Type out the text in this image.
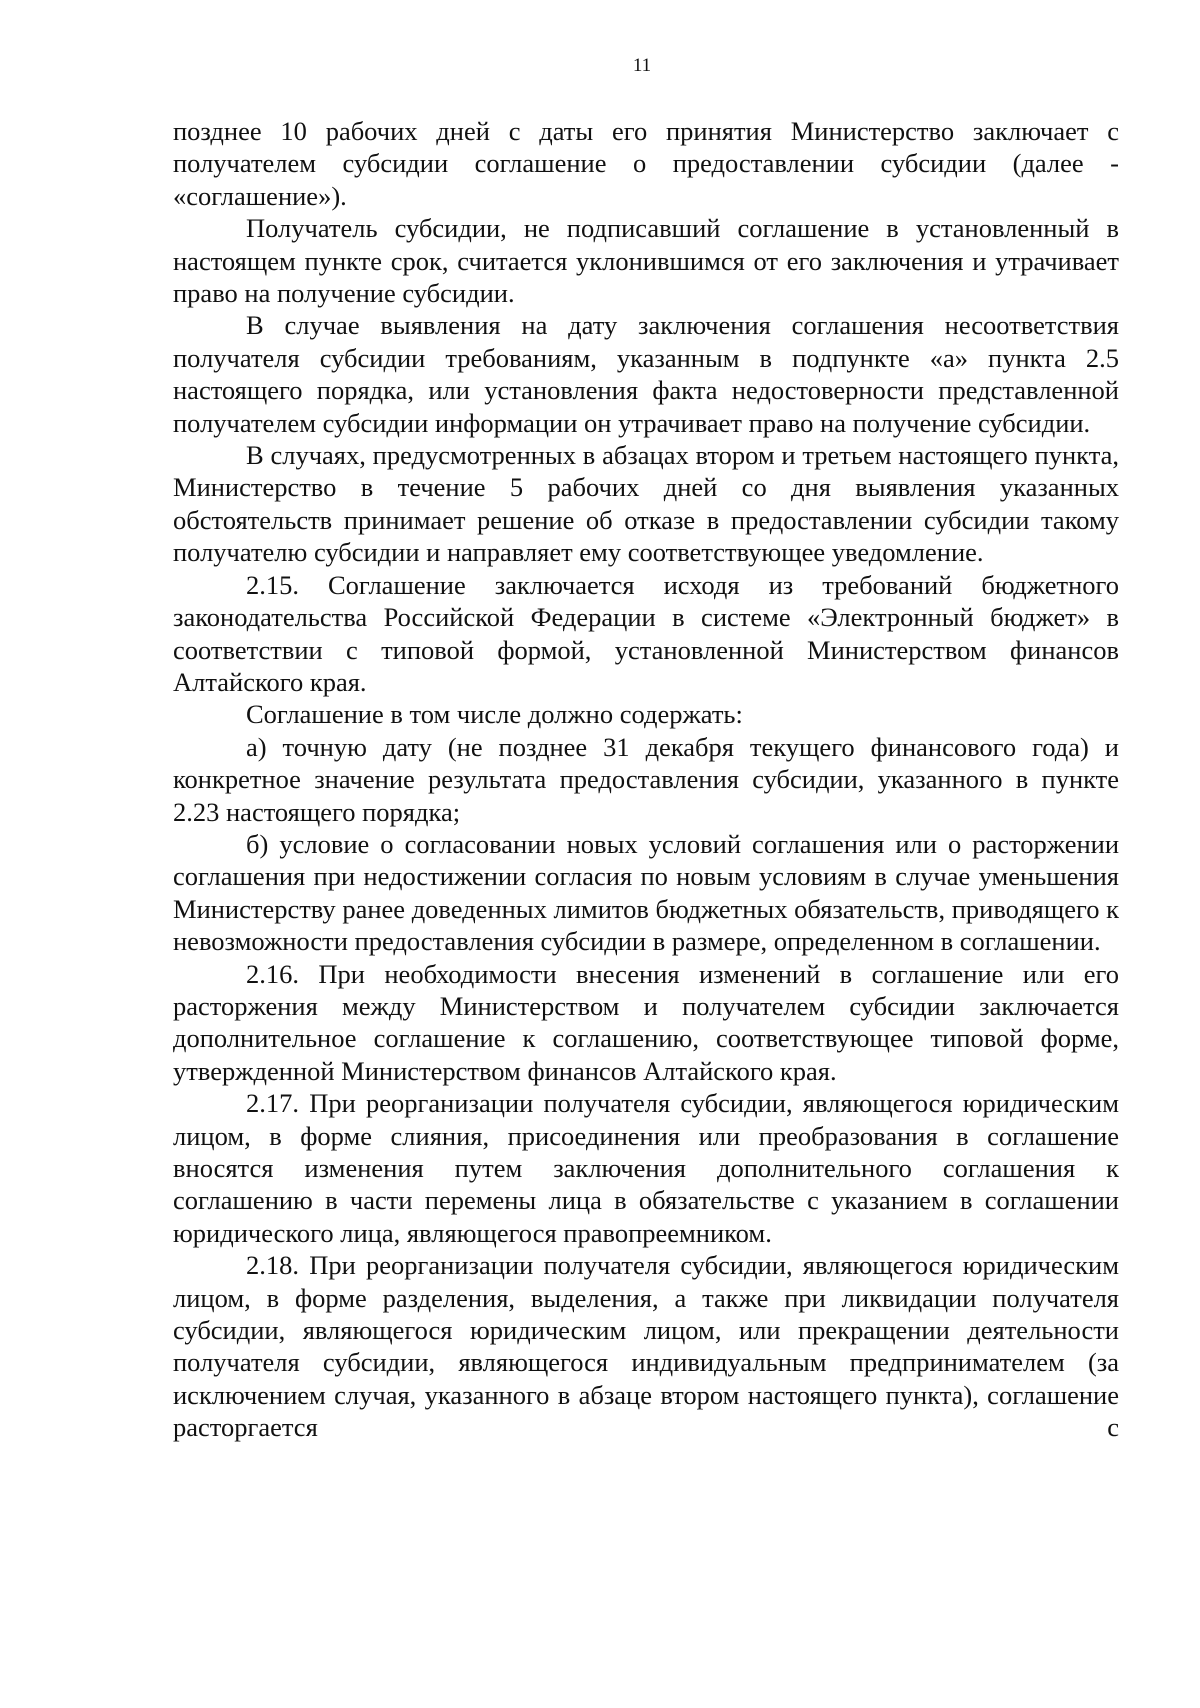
11

позднее 10 рабочих дней с даты его принятия Министерство заключает с получателем субсидии соглашение о предоставлении субсидии (далее - «соглашение»).

Получатель субсидии, не подписавший соглашение в установленный в настоящем пункте срок, считается уклонившимся от его заключения и утрачивает право на получение субсидии.

В случае выявления на дату заключения соглашения несоответствия получателя субсидии требованиям, указанным в подпункте «а» пункта 2.5 настоящего порядка, или установления факта недостоверности представленной получателем субсидии информации он утрачивает право на получение субсидии.

В случаях, предусмотренных в абзацах втором и третьем настоящего пункта, Министерство в течение 5 рабочих дней со дня выявления указанных обстоятельств принимает решение об отказе в предоставлении субсидии такому получателю субсидии и направляет ему соответствующее уведомление.

2.15. Соглашение заключается исходя из требований бюджетного законодательства Российской Федерации в системе «Электронный бюджет» в соответствии с типовой формой, установленной Министерством финансов Алтайского края.

Соглашение в том числе должно содержать:

а) точную дату (не позднее 31 декабря текущего финансового года) и конкретное значение результата предоставления субсидии, указанного в пункте 2.23 настоящего порядка;

б) условие о согласовании новых условий соглашения или о расторжении соглашения при недостижении согласия по новым условиям в случае уменьшения Министерству ранее доведенных лимитов бюджетных обязательств, приводящего к невозможности предоставления субсидии в размере, определенном в соглашении.

2.16. При необходимости внесения изменений в соглашение или его расторжения между Министерством и получателем субсидии заключается дополнительное соглашение к соглашению, соответствующее типовой форме, утвержденной Министерством финансов Алтайского края.

2.17. При реорганизации получателя субсидии, являющегося юридическим лицом, в форме слияния, присоединения или преобразования в соглашение вносятся изменения путем заключения дополнительного соглашения к соглашению в части перемены лица в обязательстве с указанием в соглашении юридического лица, являющегося правопреемником.

2.18. При реорганизации получателя субсидии, являющегося юридическим лицом, в форме разделения, выделения, а также при ликвидации получателя субсидии, являющегося юридическим лицом, или прекращении деятельности получателя субсидии, являющегося индивидуальным предпринимателем (за исключением случая, указанного в абзаце втором настоящего пункта), соглашение расторгается с
